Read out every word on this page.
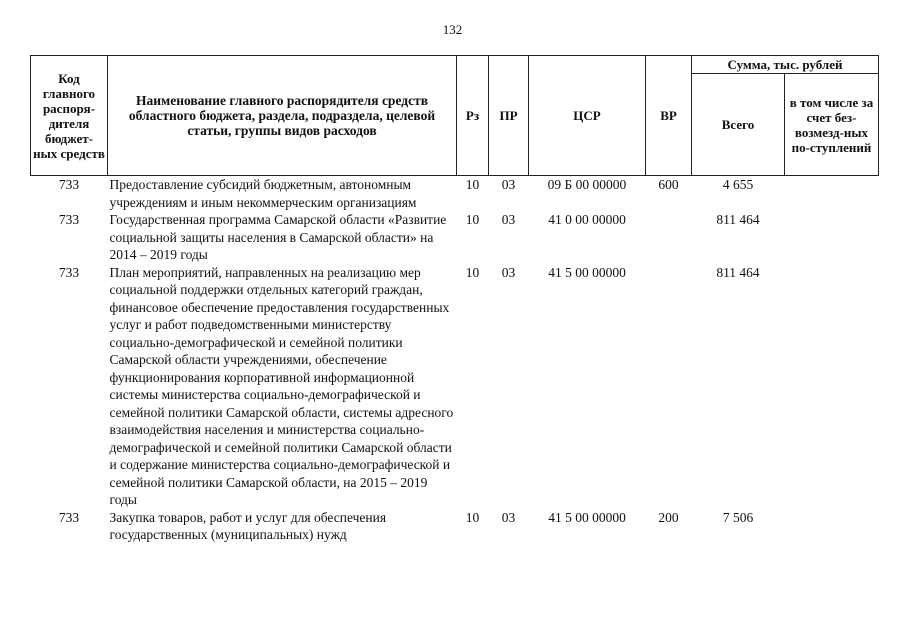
132
Код главного распоря-дителя бюджет-ных средств	Наименование главного распорядителя средств областного бюджета, раздела, подраздела, целевой статьи, группы видов расходов	Рз	ПР	ЦСР	ВР	Сумма, тыс. рублей	
						Всего	в том числе за счет без-возмезд-ных по-ступлений
733	Предоставление субсидий бюджетным, автономным учреждениям и иным некоммерческим организациям	10	03	09 Б 00 00000	600	4 655	
733	Государственная программа Самарской области «Развитие социальной защиты населения в Самарской области» на 2014 – 2019 годы	10	03	41 0 00 00000		811 464	
733	План мероприятий, направленных на реализацию мер социальной поддержки отдельных категорий граждан, финансовое обеспечение предоставления государственных услуг и работ подведомственными министерству социально-демографической и семейной политики Самарской области учреждениями, обеспечение функционирования корпоративной информационной системы министерства социально-демографической и семейной политики Самарской области, системы адресного взаимодействия населения и министерства социально-демографической и семейной политики Самарской области и содержание министерства социально-демографической и семейной политики Самарской области, на 2015 – 2019 годы	10	03	41 5 00 00000		811 464	
733	Закупка товаров, работ и услуг для обеспечения государственных (муниципальных) нужд	10	03	41 5 00 00000	200	7 506	
